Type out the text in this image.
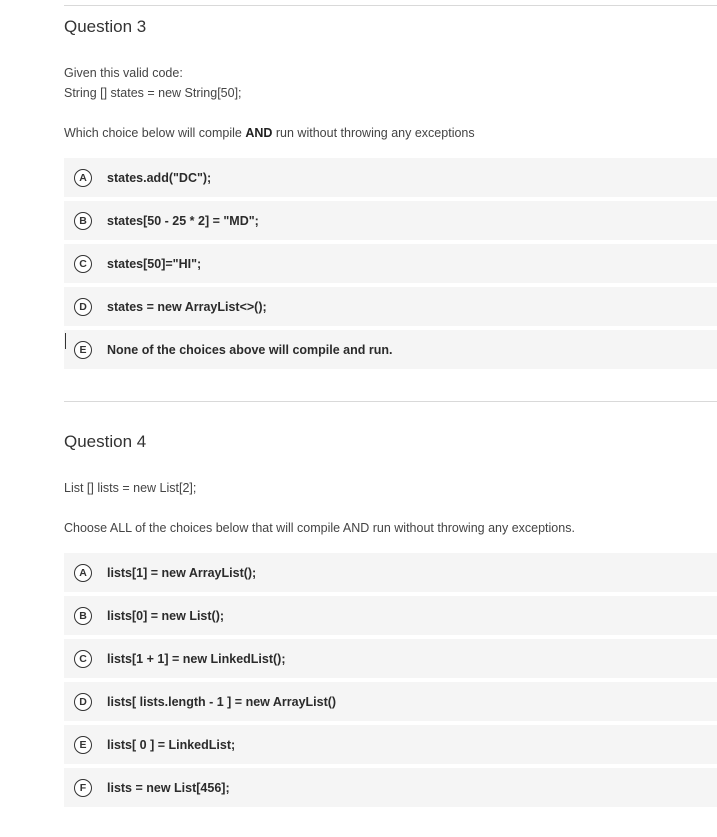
Question 3
Given this valid code:
String [] states = new String[50];
Which choice below will compile AND run without throwing any exceptions
A	states.add("DC");
B	states[50 - 25 * 2] = "MD";
C	states[50]="HI";
D	states = new ArrayList<>();
E	None of the choices above will compile and run.
Question 4
List [] lists = new List[2];
Choose ALL of the choices below that will compile AND run without throwing any exceptions.
A	lists[1] = new ArrayList();
B	lists[0] = new List();
C	lists[1 + 1] = new LinkedList();
D	lists[ lists.length - 1 ] = new ArrayList()
E	lists[ 0 ] = LinkedList;
F	lists = new List[456];
